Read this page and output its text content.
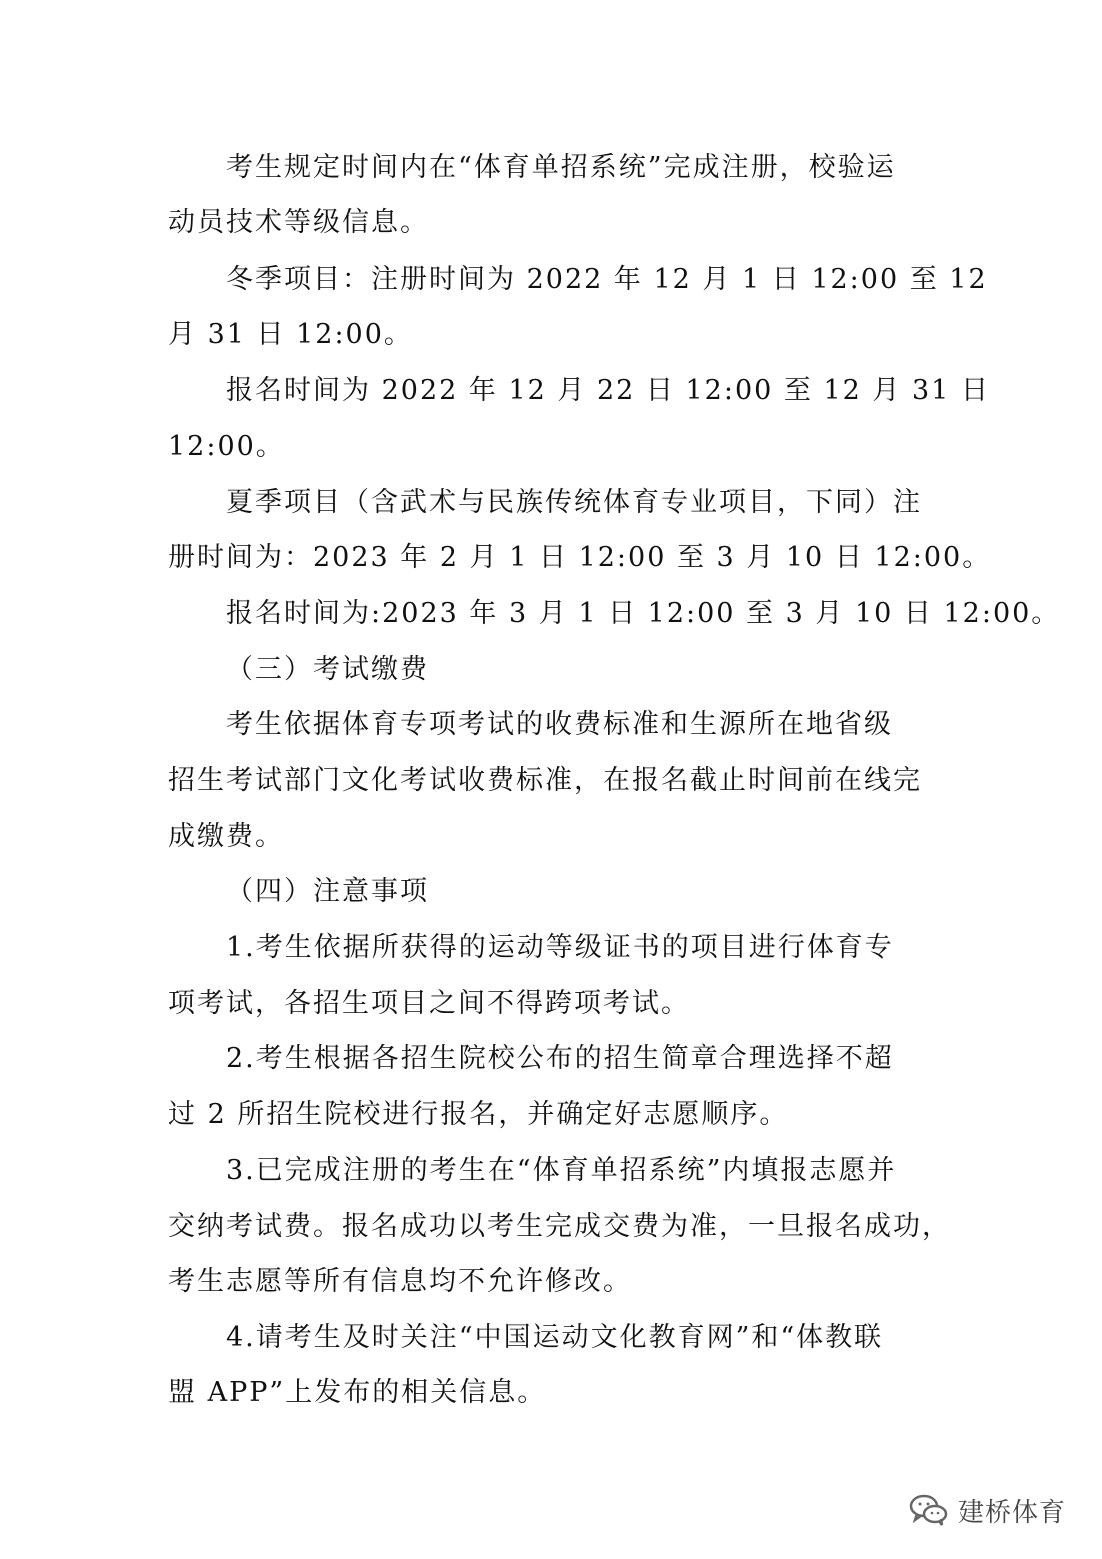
考生规定时间内在“体育单招系统”完成注册，校验运

动员技术等级信息。

冬季项目：注册时间为 2022 年 12 月 1 日 12:00 至 12

月 31 日 12:00。

报名时间为 2022 年 12 月 22 日 12:00 至 12 月 31 日

12:00。

夏季项目（含武术与民族传统体育专业项目，下同）注

册时间为：2023 年 2 月 1 日 12:00 至 3 月 10 日 12:00。

报名时间为:2023 年 3 月 1 日 12:00 至 3 月 10 日 12:00。

（三）考试缴费

考生依据体育专项考试的收费标准和生源所在地省级

招生考试部门文化考试收费标准，在报名截止时间前在线完

成缴费。

（四）注意事项

1.考生依据所获得的运动等级证书的项目进行体育专

项考试，各招生项目之间不得跨项考试。

2.考生根据各招生院校公布的招生简章合理选择不超

过 2 所招生院校进行报名，并确定好志愿顺序。

3.已完成注册的考生在“体育单招系统”内填报志愿并

交纳考试费。报名成功以考生完成交费为准，一旦报名成功，

考生志愿等所有信息均不允许修改。

4.请考生及时关注“中国运动文化教育网”和“体教联

盟 APP”上发布的相关信息。

建桥体育
